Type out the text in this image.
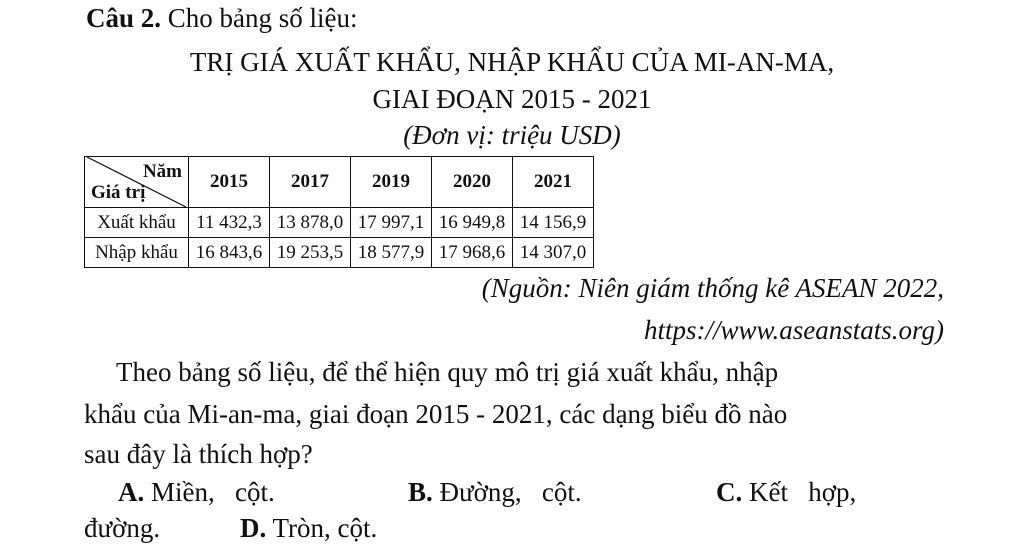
Câu 2. Cho bảng số liệu:
TRỊ GIÁ XUẤT KHẨU, NHẬP KHẨU CỦA MI-AN-MA,
GIAI ĐOẠN 2015 - 2021
(Đơn vị: triệu USD)
Năm
Giá trị	2015	2017	2019	2020	2021
Xuất khẩu	11 432,3	13 878,0	17 997,1	16 949,8	14 156,9
Nhập khẩu	16 843,6	19 253,5	18 577,9	17 968,6	14 307,0
(Nguồn: Niên giám thống kê ASEAN 2022,
https://www.aseanstats.org)
Theo bảng số liệu, để thể hiện quy mô trị giá xuất khẩu, nhập
khẩu của Mi-an-ma, giai đoạn 2015 - 2021, các dạng biểu đồ nào
sau đây là thích hợp?
A. Miền,   cột.	B. Đường,   cột.	C. Kết   hợp,
đường.	D. Tròn, cột.
